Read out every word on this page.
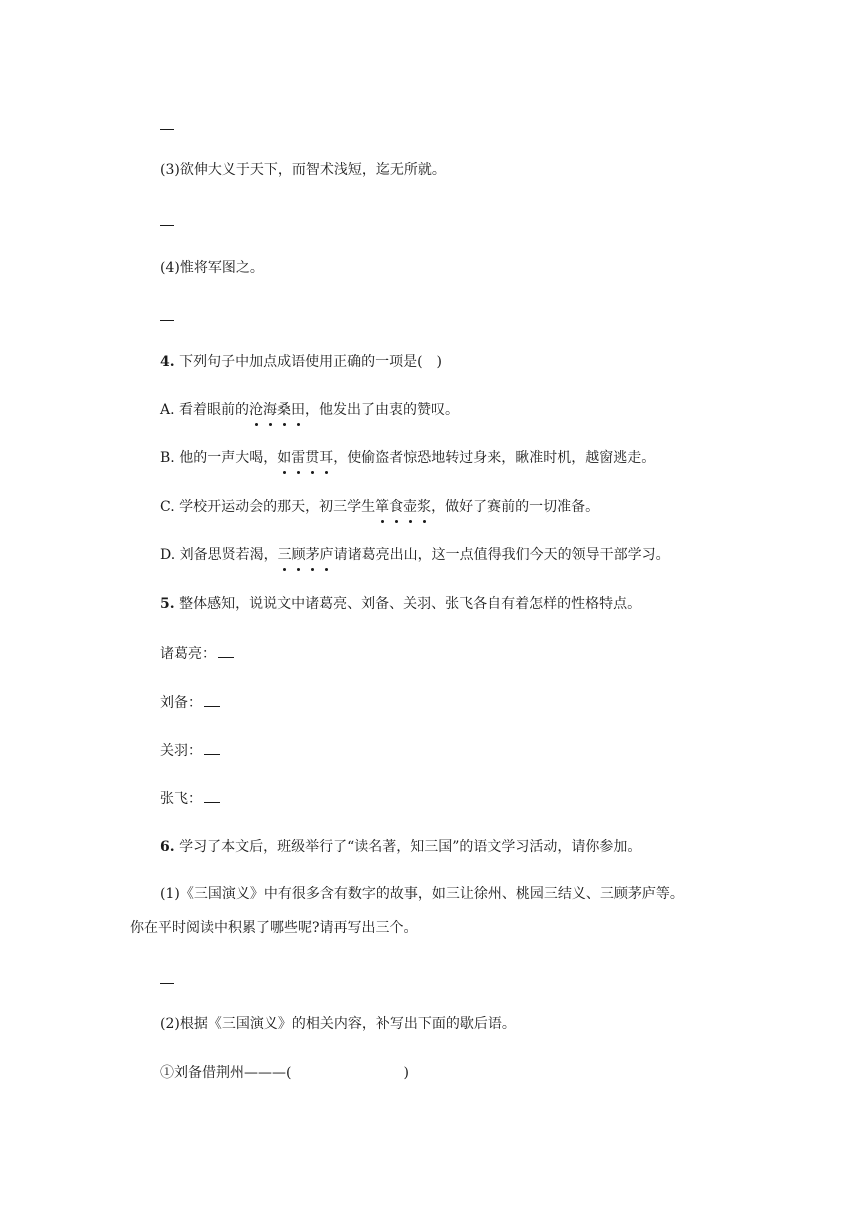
(3)欲伸大义于天下，而智术浅短，迄无所就。
(4)惟将军图之。
4. 下列句子中加点成语使用正确的一项是( )
A. 看着眼前的沧海桑田，他发出了由衷的赞叹。
B. 他的一声大喝，如雷贯耳，使偷盗者惊恐地转过身来，瞅准时机，越窗逃走。
C. 学校开运动会的那天，初三学生箪食壶浆，做好了赛前的一切准备。
D. 刘备思贤若渴，三顾茅庐请诸葛亮出山，这一点值得我们今天的领导干部学习。
5. 整体感知，说说文中诸葛亮、刘备、关羽、张飞各自有着怎样的性格特点。
诸葛亮：
刘备：
关羽：
张飞：
6. 学习了本文后，班级举行了“读名著，知三国”的语文学习活动，请你参加。
(1)《三国演义》中有很多含有数字的故事，如三让徐州、桃园三结义、三顾茅庐等。
你在平时阅读中积累了哪些呢?请再写出三个。
(2)根据《三国演义》的相关内容，补写出下面的歇后语。
①刘备借荆州———(	)
